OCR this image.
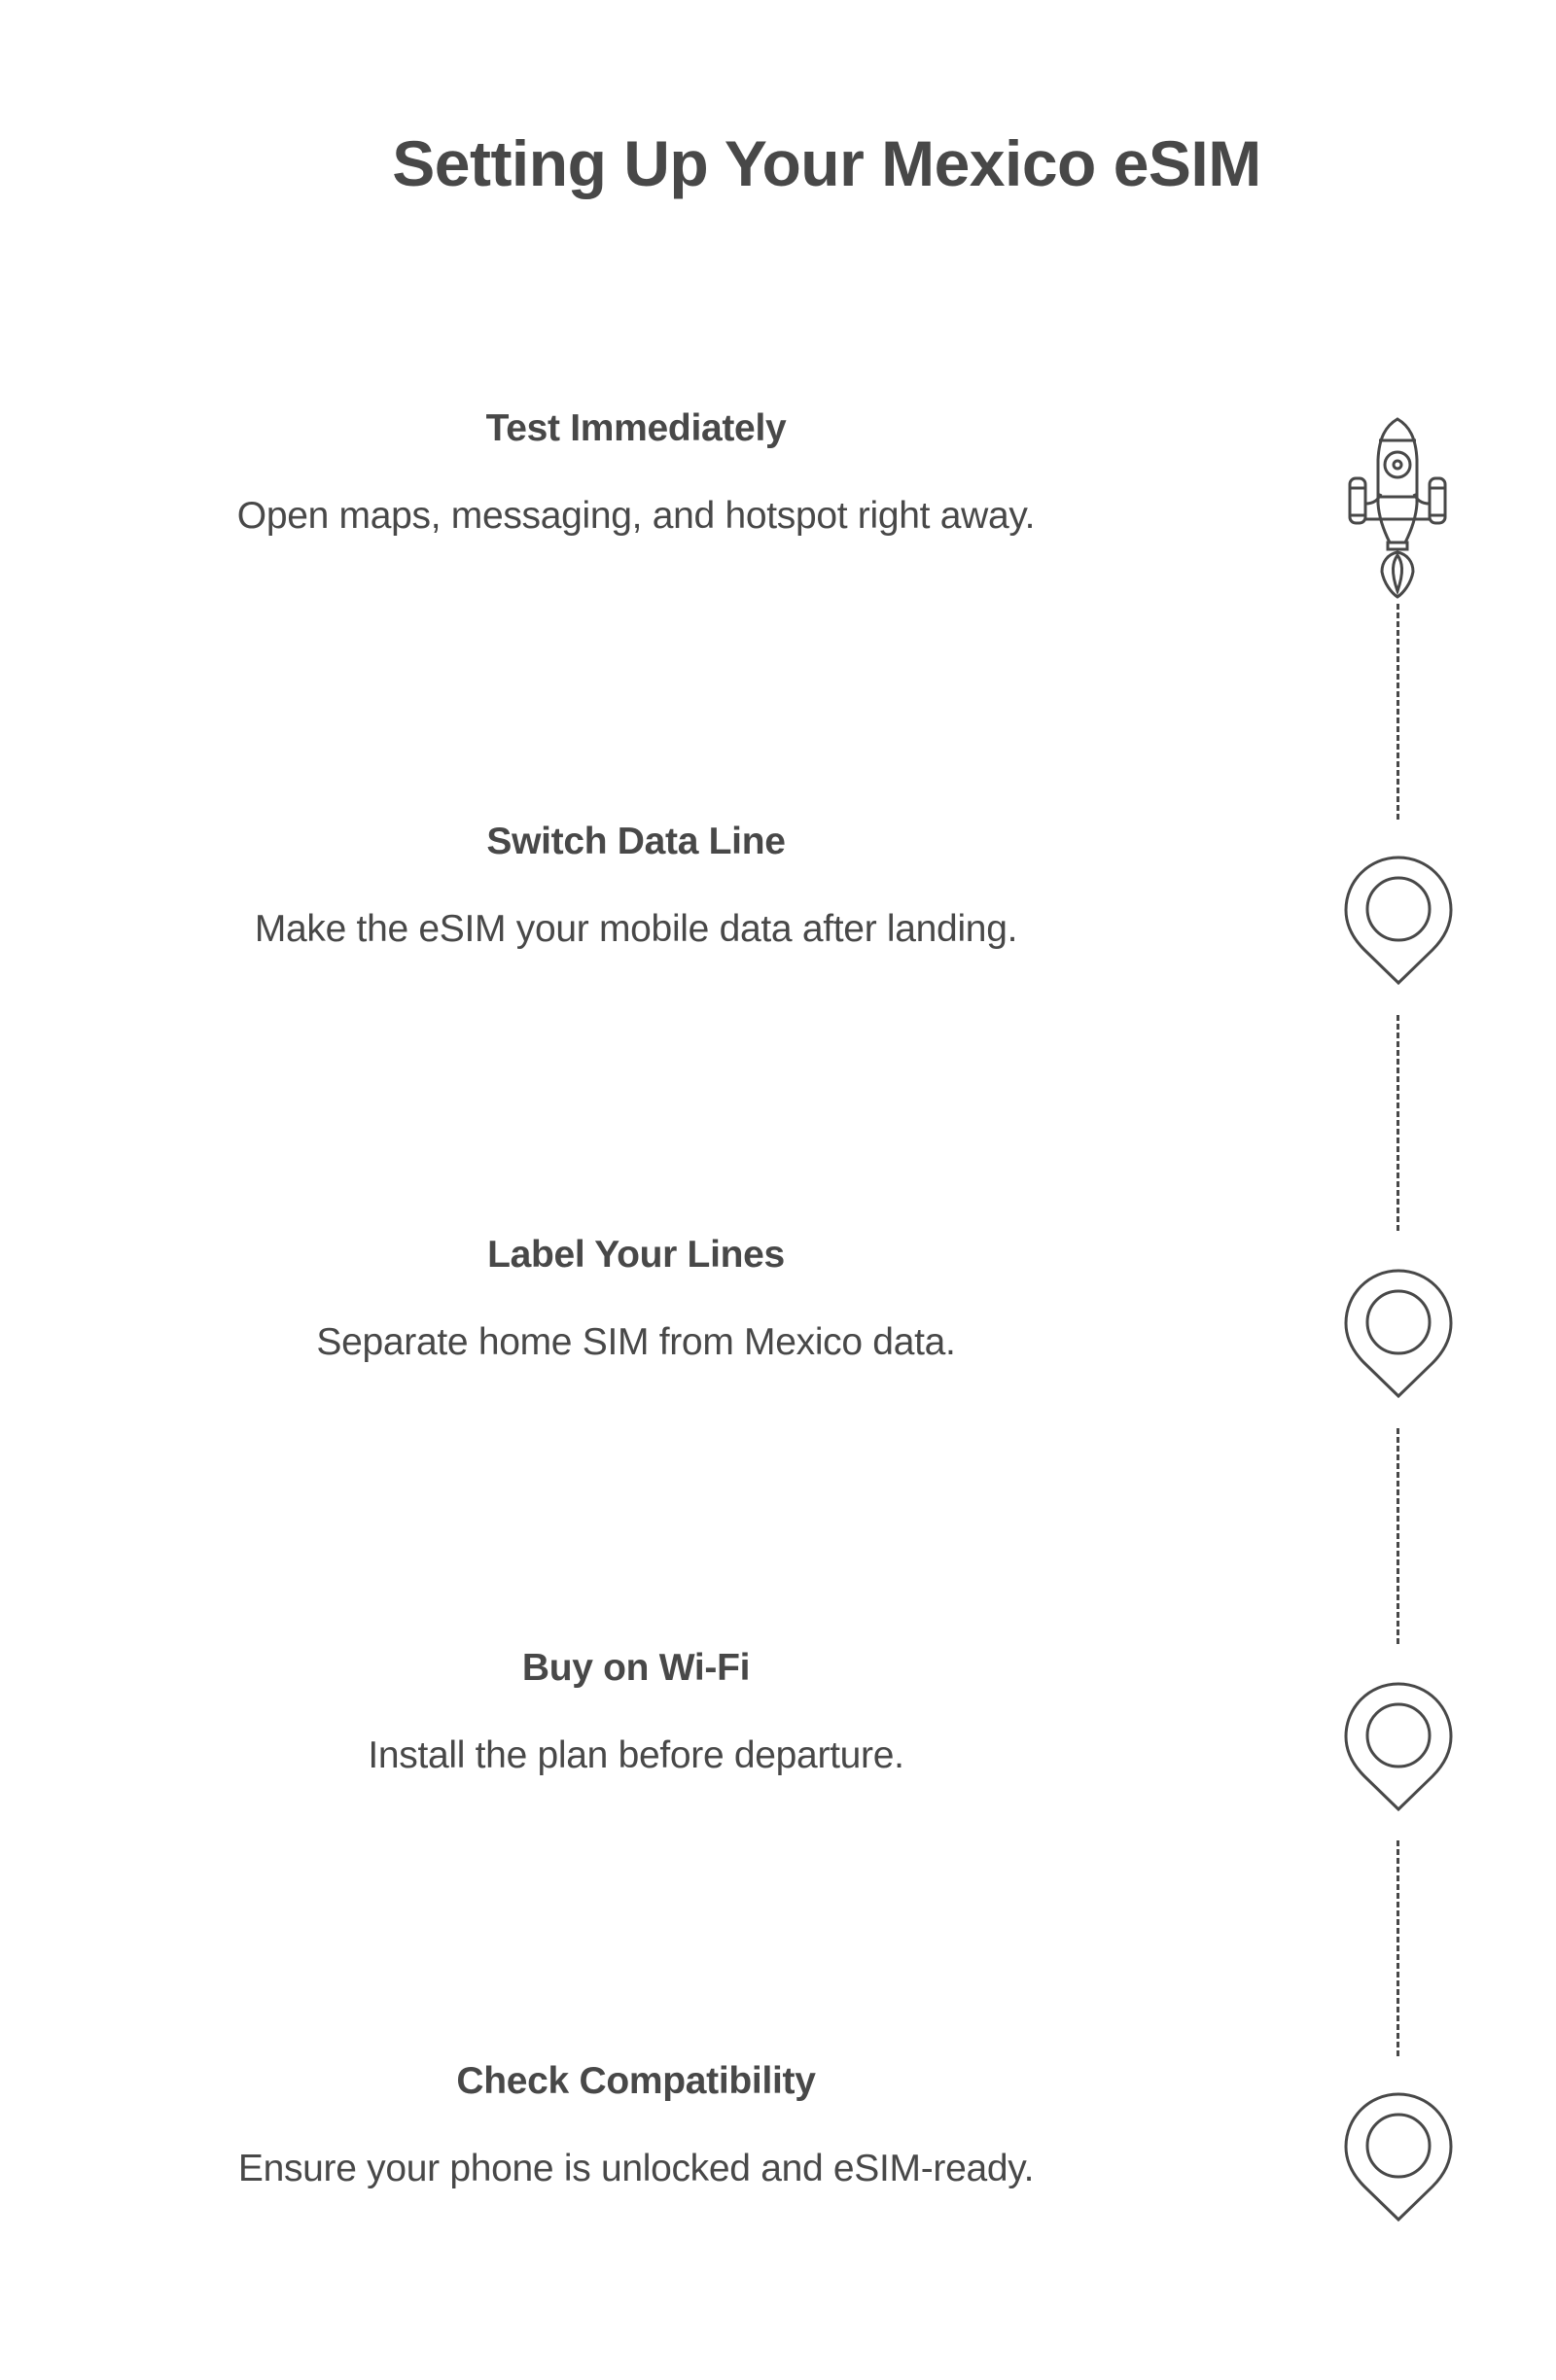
Setting Up Your Mexico eSIM
Test Immediately

Open maps, messaging, and hotspot right away.

Switch Data Line

Make the eSIM your mobile data after landing.

Label Your Lines

Separate home SIM from Mexico data.

Buy on Wi-Fi

Install the plan before departure.

Check Compatibility

Ensure your phone is unlocked and eSIM-ready.
